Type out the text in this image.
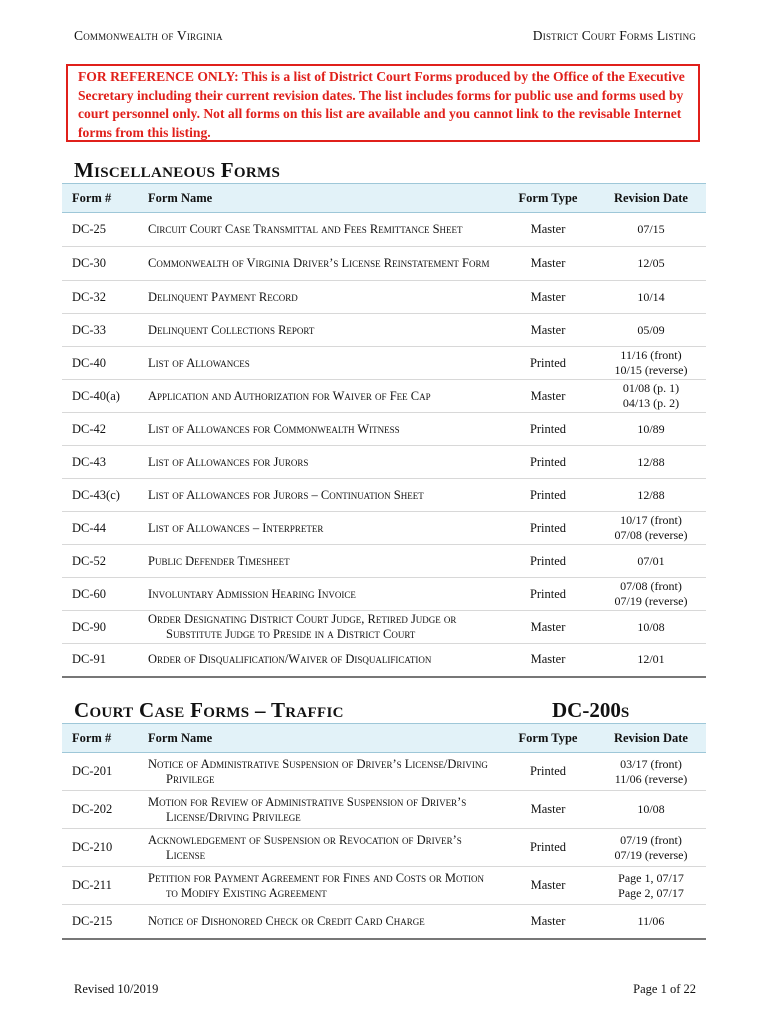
Commonwealth of Virginia	District Court Forms Listing
FOR REFERENCE ONLY: This is a list of District Court Forms produced by the Office of the Executive Secretary including their current revision dates. The list includes forms for public use and forms used by court personnel only. Not all forms on this list are available and you cannot link to the revisable Internet forms from this listing.
Miscellaneous Forms
Form #	Form Name	Form Type	Revision Date
DC-25	Circuit Court Case Transmittal and Fees Remittance Sheet	Master	07/15

DC-30	Commonwealth of Virginia Driver’s License Reinstatement Form	Master	12/05

DC-32	Delinquent Payment Record	Master	10/14

DC-33	Delinquent Collections Report	Master	05/09

DC-40	List of Allowances	Printed	11/16 (front)
10/15 (reverse)

DC-40(a)	Application and Authorization for Waiver of Fee Cap	Master	01/08 (p. 1)
04/13 (p. 2)

DC-42	List of Allowances for Commonwealth Witness	Printed	10/89

DC-43	List of Allowances for Jurors	Printed	12/88

DC-43(c)	List of Allowances for Jurors – Continuation Sheet	Printed	12/88

DC-44	List of Allowances – Interpreter	Printed	10/17 (front)
07/08 (reverse)

DC-52	Public Defender Timesheet	Printed	07/01

DC-60	Involuntary Admission Hearing Invoice	Printed	07/08 (front)
07/19 (reverse)

DC-90	Order Designating District Court Judge, Retired Judge or Substitute Judge to Preside in a District Court	Master	10/08

DC-91	Order of Disqualification/Waiver of Disqualification	Master	12/01
Court Case Forms – Traffic	DC-200s
Form #	Form Name	Form Type	Revision Date
DC-201	Notice of Administrative Suspension of Driver’s License/Driving Privilege	Printed	03/17 (front)
11/06 (reverse)

DC-202	Motion for Review of Administrative Suspension of Driver’s License/Driving Privilege	Master	10/08

DC-210	Acknowledgement of Suspension or Revocation of Driver’s License	Printed	07/19 (front)
07/19 (reverse)

DC-211	Petition for Payment Agreement for Fines and Costs or Motion to Modify Existing Agreement	Master	Page 1, 07/17
Page 2, 07/17

DC-215	Notice of Dishonored Check or Credit Card Charge	Master	11/06
Revised 10/2019	Page 1 of 22
